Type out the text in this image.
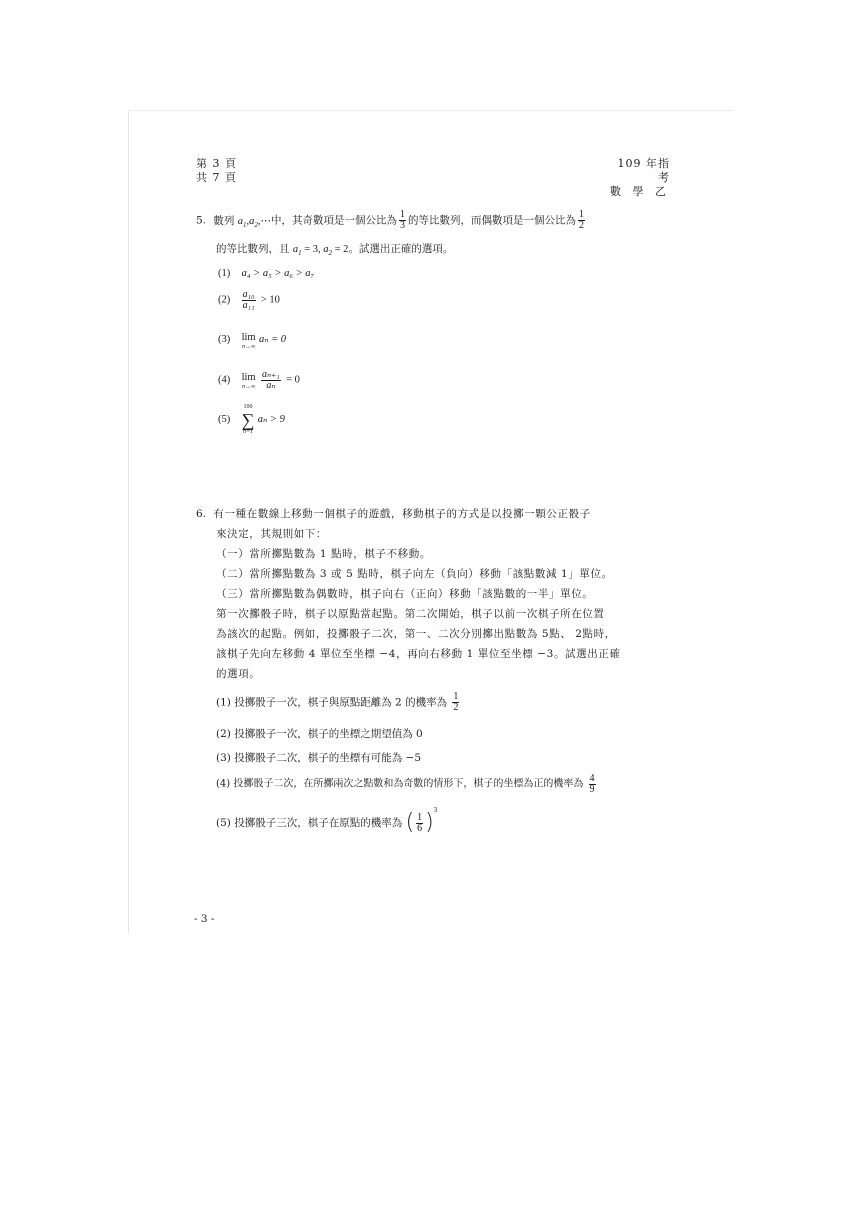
第 3 頁
共 7 頁
109 年指考
數 學 乙
5. 數列 $a_1,a_2,\cdots$中，其奇數項是一個公比為 $\frac{1}{3}$ 的等比數列，而偶數項是一個公比為 $\frac{1}{2}$
的等比數列，且 $a_1 = 3$, $a_2 = 2$。試選出正確的選項。
(1) a₄ > a₅ > a₆ > a₇
$(2) \frac{\text{a₁₀}}{\text{a₁₁}} > 10$
(3) lim
n→∞
aₙ = 0
(4) lim
n→∞
$\frac{\text{aₙ₊₁}}{\text{aₙ}} = 0$
(5)
100
∑
n=1
aₙ > 9
6. 有一種在數線上移動一個棋子的遊戲，移動棋子的方式是以投擲一顆公正骰子
來決定，其規則如下：
（一）當所擲點數為 1 點時，棋子不移動。
（二）當所擲點數為 3 或 5 點時，棋子向左（負向）移動「該點數減 1」單位。
（三）當所擲點數為偶數時，棋子向右（正向）移動「該點數的一半」單位。
第一次擲骰子時，棋子以原點當起點。第二次開始，棋子以前一次棋子所在位置
為該次的起點。例如，投擲骰子二次，第一、二次分別擲出點數為 5點、 2點時，
該棋子先向左移動 4 單位至坐標 −4，再向右移動 1 單位至坐標 −3。試選出正確
的選項。
(1) 投擲骰子一次，棋子與原點距離為 2 的機率為 $\frac{1}{2}$
(2) 投擲骰子一次，棋子的坐標之期望值為 0
(3) 投擲骰子二次，棋子的坐標有可能為 −5
(4) 投擲骰子二次，在所擲兩次之點數和為奇數的情形下，棋子的坐標為正的機率為 $\frac{4}{9}$
(5) 投擲骰子三次，棋子在原點的機率為 ( $\frac{1}{6} )^3$
- 3 -
